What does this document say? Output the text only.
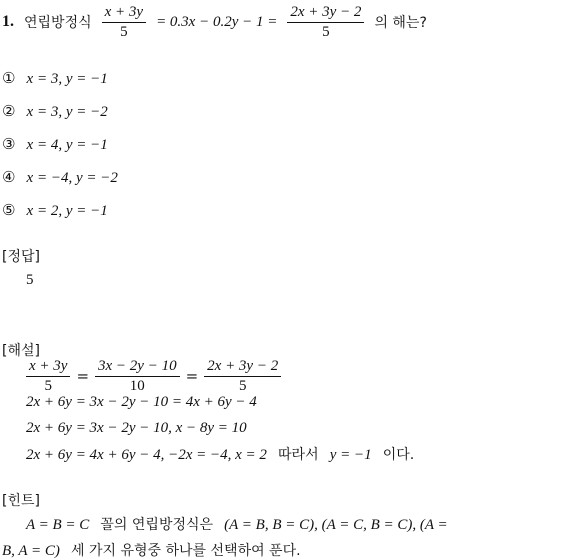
1. 연립방정식 $\frac{x + 3y}{5} = 0.3x - 0.2y - 1 = \frac{2x + 3y - 2}{5}$ 의 해는?
① x = 3, y = −1
② x = 3, y = −2
③ x = 4, y = −1
④ x = −4, y = −2
⑤ x = 2, y = −1
[정답]
5
[해설]
$\frac{x + 3y}{5} = \frac{3x - 2y - 10}{10} = \frac{2x + 3y - 2}{5}$
2x + 6y = 3x − 2y − 10 = 4x + 6y − 4
2x + 6y = 3x − 2y − 10, x − 8y = 10
2x + 6y = 4x + 6y − 4, −2x = −4, x = 2 따라서 y = −1 이다.
[힌트]
A = B = C 꼴의 연립방정식은 (A = B, B = C), (A = C, B = C), (A =
B, A = C) 세 가지 유형중 하나를 선택하여 푼다.
